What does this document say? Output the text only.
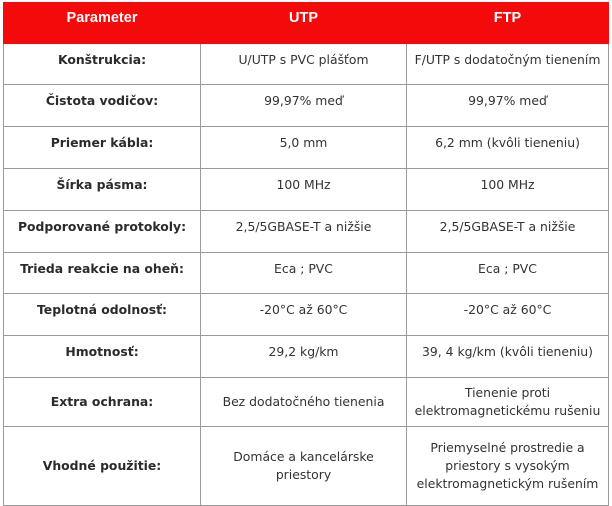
Parameter	UTP	FTP
Konštrukcia:	U/UTP s PVC plášťom	F/UTP s dodatočným tienením
Čistota vodičov:	99,97% meď	99,97% meď
Priemer kábla:	5,0 mm	6,2 mm (kvôli tieneniu)
Šírka pásma:	100 MHz	100 MHz
Podporované protokoly:	2,5/5GBASE-T a nižšie	2,5/5GBASE-T a nižšie
Trieda reakcie na oheň:	Eca ; PVC	Eca ; PVC
Teplotná odolnosť:	-20°C až 60°C	-20°C až 60°C
Hmotnosť:	29,2 kg/km	39, 4 kg/km (kvôli tieneniu)
Extra ochrana:	Bez dodatočného tienenia	Tienenie proti elektromagnetickému rušeniu
Vhodné použitie:	Domáce a kancelárske priestory	Priemyselné prostredie a priestory s vysokým elektromagnetickým rušením
